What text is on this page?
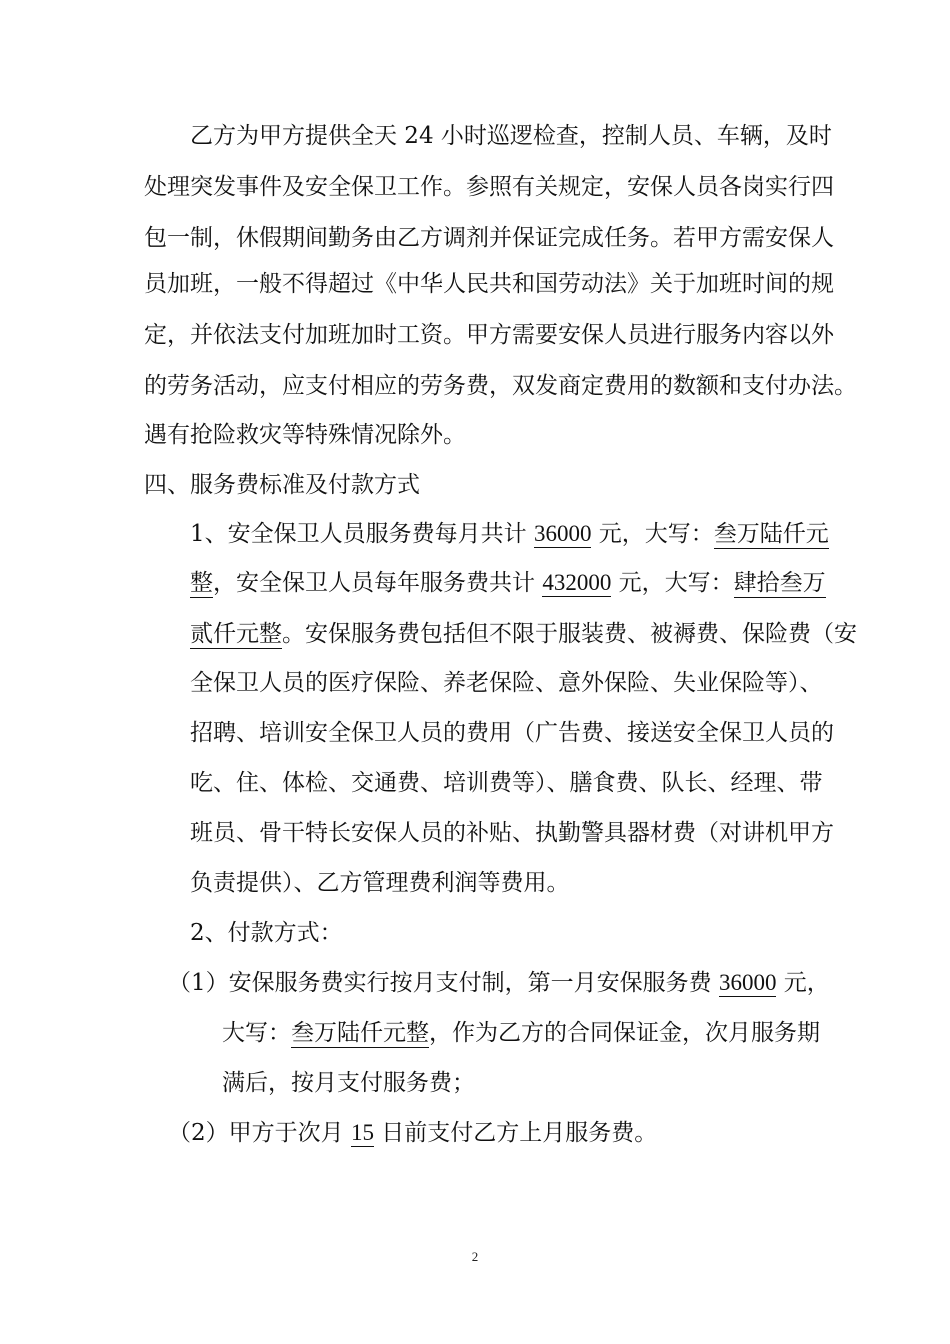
乙方为甲方提供全天 24 小时巡逻检查，控制人员、车辆，及时
处理突发事件及安全保卫工作。参照有关规定，安保人员各岗实行四
包一制，休假期间勤务由乙方调剂并保证完成任务。若甲方需安保人
员加班，一般不得超过《中华人民共和国劳动法》关于加班时间的规
定，并依法支付加班加时工资。甲方需要安保人员进行服务内容以外
的劳务活动，应支付相应的劳务费，双发商定费用的数额和支付办法。
遇有抢险救灾等特殊情况除外。
四、服务费标准及付款方式
1、安全保卫人员服务费每月共计 36000 元，大写：叁万陆仟元
整，安全保卫人员每年服务费共计 432000 元，大写：肆拾叁万
贰仟元整。安保服务费包括但不限于服装费、被褥费、保险费（安
全保卫人员的医疗保险、养老保险、意外保险、失业保险等）、
招聘、培训安全保卫人员的费用（广告费、接送安全保卫人员的
吃、住、体检、交通费、培训费等）、膳食费、队长、经理、带
班员、骨干特长安保人员的补贴、执勤警具器材费（对讲机甲方
负责提供）、乙方管理费利润等费用。
2、付款方式：
（1）安保服务费实行按月支付制，第一月安保服务费 36000 元，
大写：叁万陆仟元整，作为乙方的合同保证金，次月服务期
满后，按月支付服务费；
（2）甲方于次月 15 日前支付乙方上月服务费。
2
